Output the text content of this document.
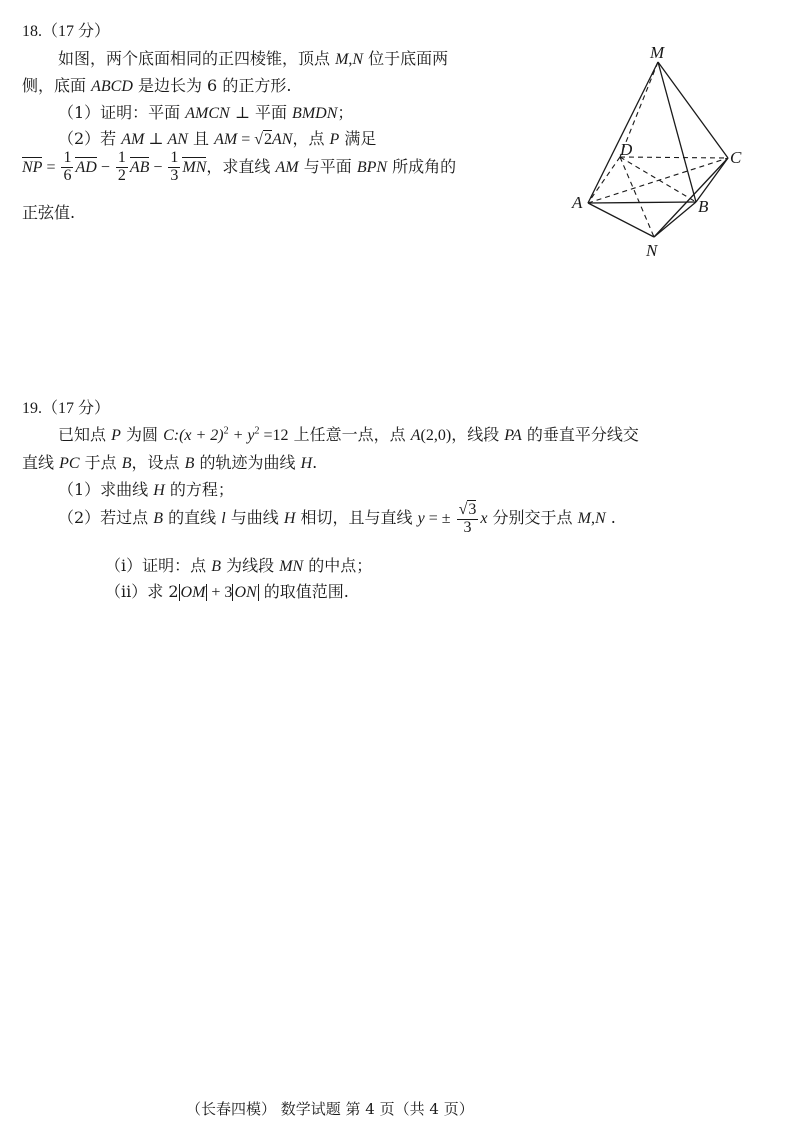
18.（17 分）
如图，两个底面相同的正四棱锥，顶点 M,N 位于底面两
侧，底面 ABCD 是边长为 6 的正方形.
（1）证明：平面 AMCN ⊥ 平面 BMDN；
（2）若 AM ⊥ AN 且 AM = √2AN，点 P 满足
NP = $\frac{1}{6}$ AD − $\frac{1}{2}$ AB − $\frac{1}{3}$ MN，求直线 AM 与平面 BPN 所成角的
正弦值.
M
D	C
A	B
N
19.（17 分）
已知点 P 为圆 C:(x + $2)^2 + y^2 =12$ 上任意一点，点 A(2,0)，线段 PA 的垂直平分线交
直线 PC 于点 B，设点 B 的轨迹为曲线 H.
（1）求曲线 H 的方程；
（2）若过点 B 的直线 l 与曲线 H 相切，且与直线 y = ± $\frac{√3}{3}$ x 分别交于点 M,N .
（i）证明：点 B 为线段 MN 的中点；
（ii）求 2 OM + 3 ON 的取值范围.
（长春四模） 数学试题 第 4 页（共 4 页）
